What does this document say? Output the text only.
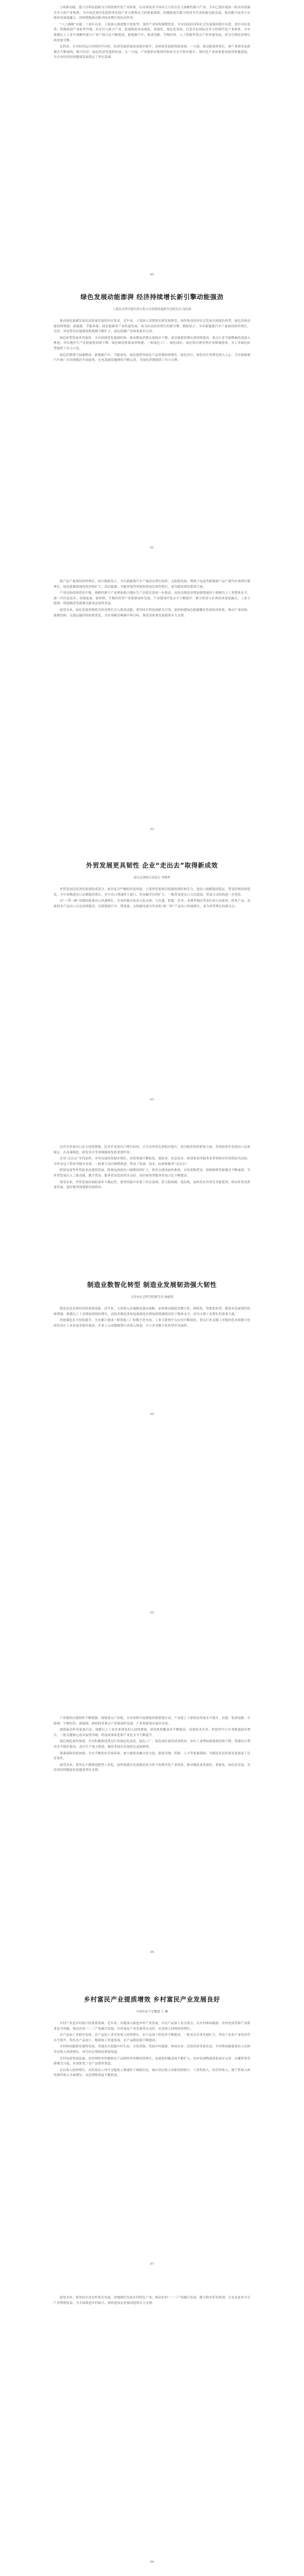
力和新动能。建立以科技创新为引领的现代化产业体系，以市场需求为导向大力培育壮大战略性新兴产业，全市已逐步建成一批具有较强竞争力的产业集群，为中国式现代化提供坚实的产业支撑和有力的要素保障；积极推进以数字经济为代表的新动能发展，推动数字技术与实体经济深度融合，持续增强新动能对经济增长的拉动作用。

“八八战略”实施二十周年以来，上海深入推进数字化转型，加快产业结构调整优化，全市国民经济和社会发展保持稳中有进、进中向好态势。积极推进产业转型升级，培育壮大新兴产业，促进制造业高端化、智能化、绿色化发展，打造具有国际竞争力的现代化产业体系。全市规模以上工业中战略性新兴产业产值占比不断提高，新能源汽车、集成电路、生物医药、人工智能等重点产业快速发展，成为引领经济增长的重要引擎。

总的看，全市经济运行持续回升向好，经济发展质量效益稳步提升，高质量发展取得新成效。一方面，新动能加快成长，新产业新业态新模式不断涌现，数字经济、绿色经济等蓬勃发展；另一方面，产业链供应链韧性和安全水平稳步提升，现代化产业体系建设取得积极进展，为全市经济持续健康发展奠定了坚实基础。

· 90 ·
绿色发展动能澎湃 经济持续增长新引擎动能强劲
上海社会科学研究所文化与可持续发展研究室研究员 周汝雨

推动绿色低碳发展是高质量发展的内在要求。近年来，上海深入贯彻落实新发展理念，加快推动经济社会发展全面绿色转型，绿色发展动能持续增强。新能源、节能环保、绿色低碳等产业快速发展，成为拉动经济增长的新引擎。数据显示，全市新能源汽车产量保持较快增长，光伏、风电等清洁能源装机规模不断扩大，绿色低碳产业体系逐步完善。

绿色转型发展步伐加快。全市持续优化能源结构，推动煤炭消费总量稳步下降，清洁能源消费比重持续提高。重点行业节能降碳改造深入推进，单位地区生产总值能耗持续下降。绿色制造体系加快构建，一批绿色工厂、绿色园区、绿色供应链管理企业相继建成，为工业绿色转型提供了有力示范。

绿色消费潜力加速释放。新能源汽车、节能家电、绿色建材等绿色产品消费持续增长，绿色出行、绿色居住等理念深入人心。全市新能源汽车推广应用规模居全国前列，充电基础设施网络不断完善，为绿色消费提供了有力支撑。

· 91 ·

新产品产量保持较快增长。统计数据显示，全年新能源汽车产量同比增长较快，太阳能电池、锂离子电池等新能源产品产量均实现两位数增长。绿色低碳领域投资持续扩大，清洁能源、节能环保等领域投资同比较快增长，成为稳投资的重要力量。

产业结构持续优化升级。战略性新兴产业增加值占地区生产总值比重进一步提高，高技术制造业增加值增速快于规模以上工业整体水平。新一代信息技术、高端装备、新材料、生物医药等产业集群加快发展，产业链现代化水平不断提升。数字经济与实体经济深度融合，工业互联网、智能制造等新模式新业态加快普及。

展望未来，绿色发展将继续为经济增长注入强劲动能。要坚持以科技创新为引领，加快构建绿色低碳循环发展经济体系，推动产业结构、能源结构、交通运输结构持续优化，为实现碳达峰碳中和目标、推进高质量发展提供有力支撑。

· 92 ·
外贸发展更具韧性 企业“走出去”取得新成效
海关总署统计局处长 李晓华

外贸是国民经济的重要组成部分。面对复杂严峻的外部环境，上海外贸展现出较强的韧性和活力，进出口规模保持稳定，贸易结构持续优化。全年货物进出口总额保持增长，其中出口增速快于进口，贸易顺差有所扩大。一般贸易进出口占比提高，贸易方式结构进一步优化。

对“一带一路”沿线国家进出口快速增长。企业积极开拓多元化市场，与东盟、欧盟、拉美、非洲等地区贸易往来日益密切。机电产品、高新技术产品出口占比持续提高，以新能源汽车、锂电池、太阳能电池为代表的“新三样”产品出口快速增长，成为外贸增长的新亮点。

· 93 ·

民营企业进出口活力持续增强。民营企业进出口增长较快，占全市外贸比重稳步提升，成为稳外贸的重要力量。外商投资企业进出口总体稳定，在高端制造、研发设计等领域继续发挥重要作用。

企业“走出去”步伐加快。对外直接投资稳步增长，投资领域不断拓宽，制造业、信息技术、租赁和商务服务业等领域对外投资较为活跃。对外承包工程业务稳中有进，一批重大项目顺利推进，带动了装备、技术、标准和服务“走出去”。

跨境电商等外贸新业态蓬勃发展。跨境电商进出口规模持续扩大，海外仓建设加快推进，市场采购贸易、保税维修等新模式不断涌现，为外贸发展注入了新动能。数字贸易、服务贸易发展势头良好，知识密集型服务贸易占比不断提高。

展望未来，外贸发展仍面临诸多不确定性。要坚持稳中求进工作总基调，着力稳规模、优结构，加快培育外贸竞争新优势，推动外贸高质量发展，更好服务构建新发展格局。

· 94 ·
制造业数智化转型 制造业发展韧劲强大韧性
天津市社会科学院研究员 杨毅明

制造业是实体经济的重要基础。近年来，天津深入实施制造强市战略，加快推动制造业数字化、网络化、智能化转型，制造业发展韧性持续增强。规模以上工业增加值保持增长，高技术制造业和装备制造业增加值增速明显快于整体水平，成为支撑工业增长的重要力量。

智能制造水平持续提升。全市累计建成一批智能工厂和数字化车间，工业互联网平台应用不断深化，重点行业关键工序数控化率和数字化研发设计工具普及率稳步提高。企业上云用数赋智行动深入推进，中小企业数字化转型步伐加快。

· 95 ·

产业链供应链韧性不断增强。围绕重点产业链，全市持续开展强链补链延链行动，产业链上下游协同发展水平提升。信创、集成电路、车联网、生物医药、新能源、新材料等重点产业链加快发展，产业集群效应逐步显现。

创新驱动作用更加凸显。规模以上工业企业研发投入持续增加，研发机构覆盖率不断提高。高新技术企业、科技型中小企业数量稳步增长，一批关键核心技术取得突破，科技成果转化和产业化水平不断提升。

绿色制造加快推进。全市积极推进重点行业绿色化改造，绿色工厂、绿色园区建设成效明显，单位工业增加值能耗持续下降。资源综合利用水平稳步提高，清洁生产深入推进，制造业绿色发展底色更加鲜明。

要素保障持续加强。全市不断优化营商环境，加大财政金融支持力度，强化用地、用能、人才等要素保障，为制造业高质量发展创造了良好条件。

展望未来，要坚定不移推进新型工业化，加快构建以先进制造业为骨干的现代化产业体系，推动制造业高端化、智能化、绿色化发展，为经济持续健康发展提供坚实支撑。

· 96 ·
乡村富民产业提质增效 乡村富民产业发展良好
中国农业大学教授 王 琳

乡村产业是乡村振兴的重要基础。近年来，各地深入推进乡村产业发展，以农产品加工业为重点，以乡村休闲旅游、农村电商等新产业新业态为突破，推动农村一二三产业融合发展，乡村富民产业发展势头良好，农民收入持续较快增长。

农产品加工业稳步发展。农产品加工业营业收入持续增长，农产品加工转化率不断提高。一批龙头企业发展壮大，带动了农业产业化经营水平提升。特色农产品加工、精深加工快速发展，农产品附加值不断提高。

乡村休闲旅游业蓬勃发展。各地充分挖掘乡村生态、文化资源，发展乡村旅游、休闲农业、民宿经济等新业态，乡村休闲旅游接待人次和营业收入持续增长，成为农民增收的重要渠道。

农村电商发展迅速。农村网络零售额和农产品网络零售额持续增长，电商进村覆盖面不断扩大，农村寄递物流体系逐步完善。直播带货等新模式兴起，有效拓宽了农产品销售渠道。

农民收入较快增长。农村居民人均可支配收入增速快于城镇居民，城乡居民收入差距持续缩小。工资性收入、经营性收入、财产性收入和转移性收入全面增长，农民增收渠道不断拓宽。

· 97 ·

展望未来，要坚持农业农村优先发展，因地制宜发展乡村特色产业，推动农村一二三产业融合发展，健全联农带农机制，让农民更多分享产业增值收益，为全面推进乡村振兴、加快建设农业强国提供有力支撑。

· 98 ·
